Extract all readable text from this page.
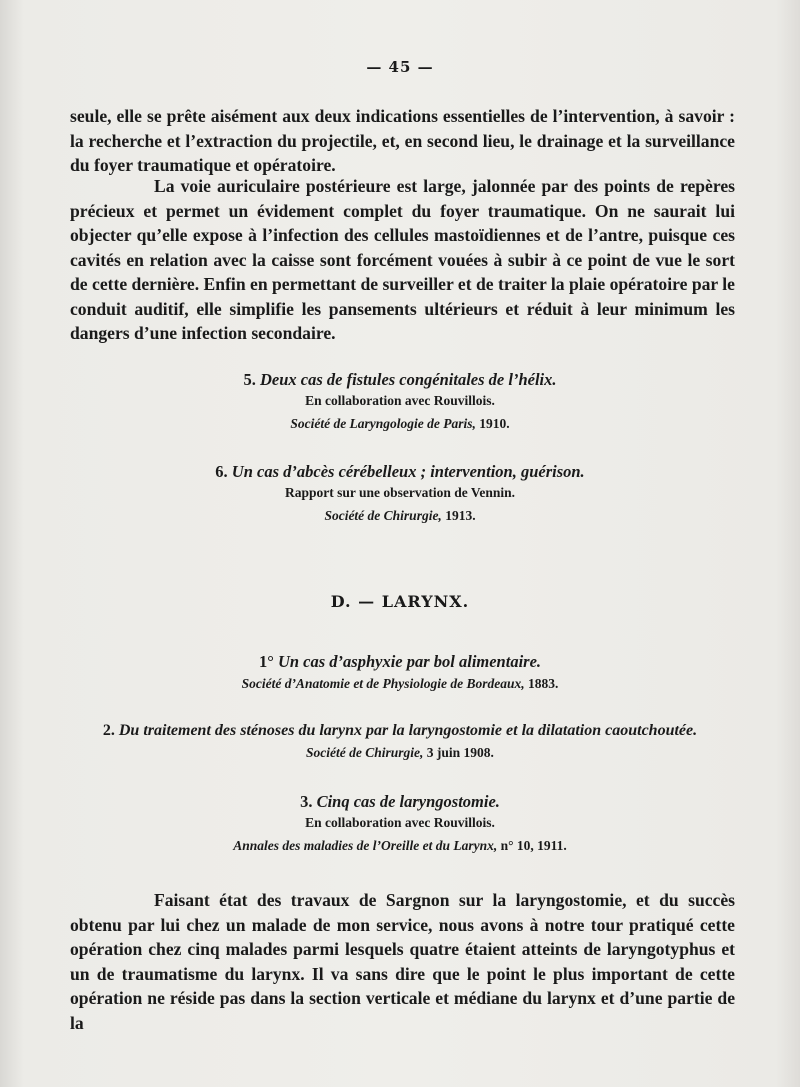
— 45 —

seule, elle se prête aisément aux deux indications essentielles de l’intervention, à savoir : la recherche et l’extraction du projectile, et, en second lieu, le drainage et la surveillance du foyer traumatique et opératoire.

La voie auriculaire postérieure est large, jalonnée par des points de repères précieux et permet un évidement complet du foyer traumatique. On ne saurait lui objecter qu’elle expose à l’infection des cellules mastoïdiennes et de l’antre, puisque ces cavités en relation avec la caisse sont forcément vouées à subir à ce point de vue le sort de cette dernière. Enfin en permettant de surveiller et de traiter la plaie opératoire par le conduit auditif, elle simplifie les pansements ultérieurs et réduit à leur minimum les dangers d’une infection secondaire.

5. Deux cas de fistules congénitales de l’hélix.

En collaboration avec Rouvillois.

Société de Laryngologie de Paris, 1910.

6. Un cas d’abcès cérébelleux ; intervention, guérison.

Rapport sur une observation de Vennin.

Société de Chirurgie, 1913.

D. — LARYNX.

1° Un cas d’asphyxie par bol alimentaire.

Société d’Anatomie et de Physiologie de Bordeaux, 1883.

2. Du traitement des sténoses du larynx par la laryngostomie et la dilatation caoutchoutée.

Société de Chirurgie, 3 juin 1908.

3. Cinq cas de laryngostomie.

En collaboration avec Rouvillois.

Annales des maladies de l’Oreille et du Larynx, n° 10, 1911.

Faisant état des travaux de Sargnon sur la laryngostomie, et du succès obtenu par lui chez un malade de mon service, nous avons à notre tour pratiqué cette opération chez cinq malades parmi lesquels quatre étaient atteints de laryngotyphus et un de traumatisme du larynx. Il va sans dire que le point le plus important de cette opération ne réside pas dans la section verticale et médiane du larynx et d’une partie de la
